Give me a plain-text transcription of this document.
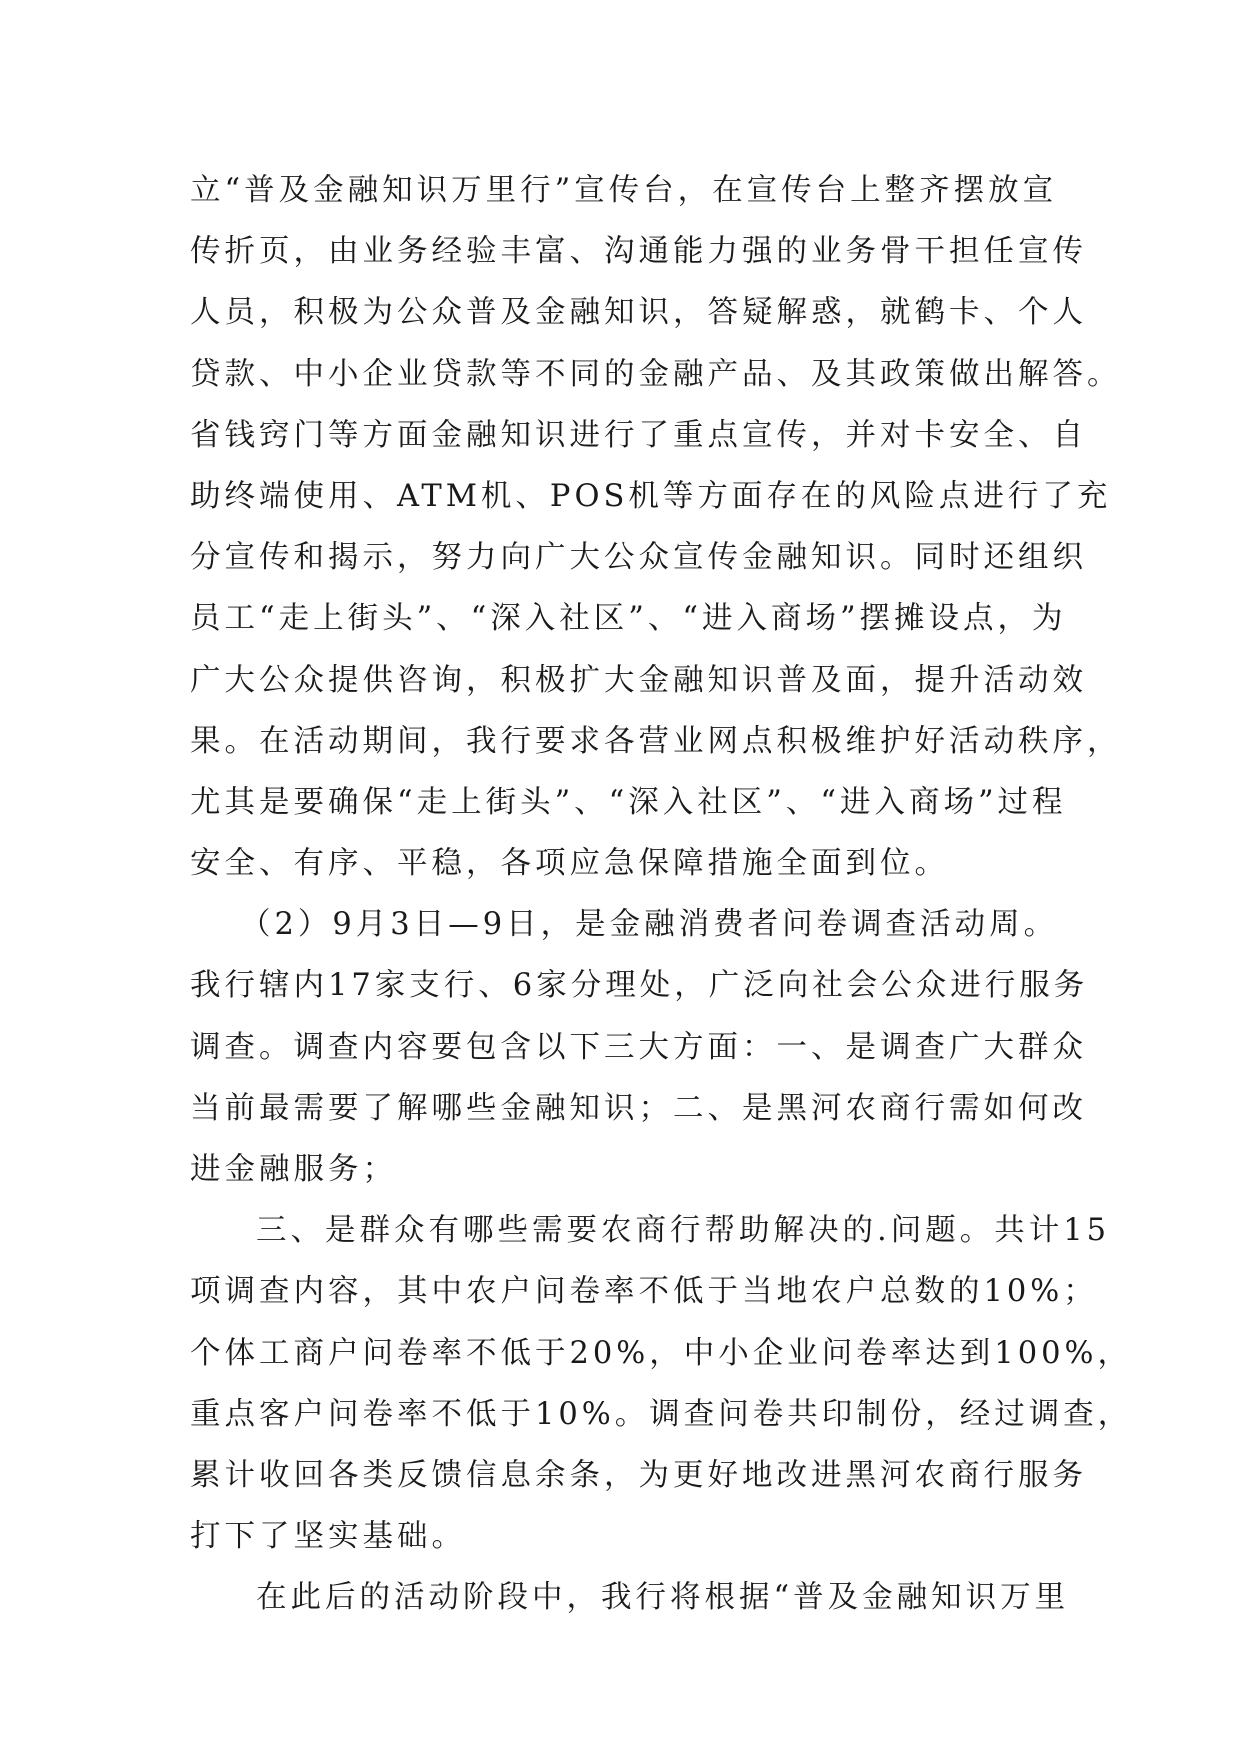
立“普及金融知识万里行”宣传台，在宣传台上整齐摆放宣
传折页，由业务经验丰富、沟通能力强的业务骨干担任宣传
人员，积极为公众普及金融知识，答疑解惑，就鹤卡、个人
贷款、中小企业贷款等不同的金融产品、及其政策做出解答。
省钱窍门等方面金融知识进行了重点宣传，并对卡安全、自
助终端使用、ATM机、POS机等方面存在的风险点进行了充
分宣传和揭示，努力向广大公众宣传金融知识。同时还组织
员工“走上街头”、“深入社区”、“进入商场”摆摊设点，为
广大公众提供咨询，积极扩大金融知识普及面，提升活动效
果。在活动期间，我行要求各营业网点积极维护好活动秩序，
尤其是要确保“走上街头”、“深入社区”、“进入商场”过程
安全、有序、平稳，各项应急保障措施全面到位。
（2）9月3日—9日，是金融消费者问卷调查活动周。
我行辖内17家支行、6家分理处，广泛向社会公众进行服务
调查。调查内容要包含以下三大方面：一、是调查广大群众
当前最需要了解哪些金融知识；二、是黑河农商行需如何改
进金融服务；
三、是群众有哪些需要农商行帮助解决的.问题。共计15
项调查内容，其中农户问卷率不低于当地农户总数的10%；
个体工商户问卷率不低于20%，中小企业问卷率达到100%，
重点客户问卷率不低于10%。调查问卷共印制份，经过调查，
累计收回各类反馈信息余条，为更好地改进黑河农商行服务
打下了坚实基础。
在此后的活动阶段中，我行将根据“普及金融知识万里
